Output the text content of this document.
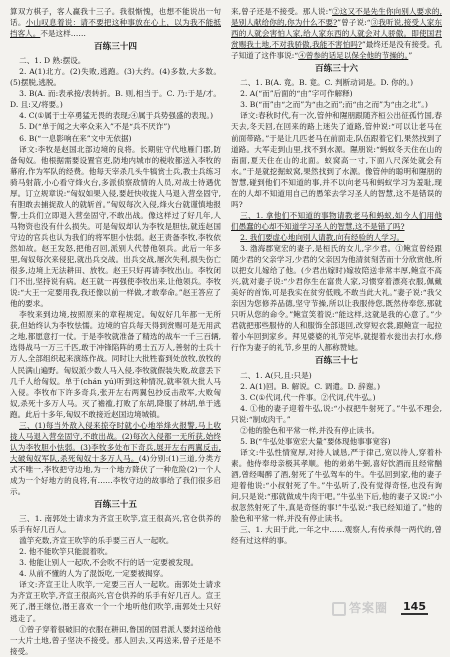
算双方棋子，客人赢我十三子。我很惭愧，也想不能说出一句话。小山叹息着说：请不要把这种事放在心上，以为我不能抵挡客人。不是这样……

百练三十四

二、1. D 熟:摆设。

2. A(1)北方。(2)失败,逃跑。(3)大约。(4)多数,大多数。(5)摆脱,逃脱。

3. B(A. 而:表承接/表转折。B. 则,相当于。C. 乃:于是/才。D. 且:又/将要。)

4. C(①属于士卒勇猛无畏的表现;④属于兵势强盛的表现。)

5. D(“单于闻之大率众来入”不是“兵不厌诈”)

6. B(“一息影响在来”文中无依据)

译文:李牧是赵国北部边境的良将。长期驻守代地雁门郡,防备匈奴。他根据需要设置官吏,防地内城市的税收都送入李牧的幕府,作为军队的经费。他每天宰杀几头牛犒赏士兵,教士兵练习骑马射箭,小心看守烽火台,多派侦察敌情的人员,对战士待遇优厚。订立规章说:“匈奴如果入侵,要赶快收拢人马退入营垒固守,有胆敢去捕捉敌人的就斩首。”匈奴每次入侵,烽火台就谨慎地报警,士兵们立即退入营垒固守,不敢出战。像这样过了好几年,人马物资也没有什么损失。可是匈奴却认为李牧是胆怯,就连赵国守边的官兵也认为我们的将军胆小怯弱。赵王责备李牧,李牧依然如故。赵王发怒,把他召回,派别人代替他领兵。此后一年多里,匈奴每次来侵犯,就出兵交战。出兵交战,屡次失利,损失伤亡很多,边境上无法耕田、放牧。赵王只好再请李牧出山。李牧闭门不出,坚持说有病。赵王就一再强使李牧出来,让他领兵。李牧说:“大王一定要用我,我还像以前一样做,才敢奉命。”赵王答应了他的要求。

李牧来到边境,按照原来的章程规定。匈奴好几年都一无所获,但始终认为李牧怯懦。边境的官兵每天得到赏赐可是无用武之地,都愿意打一仗。于是李牧就准备了精选的战车一千三百辆,选得战马一万三千匹,敢于冲锋陷阵的勇士五万人,善射的士兵十万人,全部组织起来演练作战。同时让大批牲畜到处放牧,放牧的人民满山遍野。匈奴派少数人马入侵,李牧就假装失败,故意丢下几千人给匈奴。单于(chán yú)听到这种情况,就率领大批人马入侵。李牧布下许多奇兵,张开左右两翼包抄反击敌军,大败匈奴,杀死十多万人马。灭了襜褴,打败了东胡,降服了林胡,单于逃跑。此后十多年,匈奴不敢接近赵国边境城镇。

三、(1)每当外敌入侵来掠夺时就小心地举烽火报警,马上收拢人马退入营垒固守,不敢出战。(2)每次入侵都一无所获,始终认为李牧胆小怯弱。(3)李牧多处布下奇兵,展开左右两翼反击,大破匈奴军队,杀死匈奴十多万人马。(4)分别:(1)三道,分类方式不唯一,李牧把守边地,为一个地方降伏了一种危险(2)一个人成为一个好地方的良将,有……李牧守边的故事给了我们很多启示。

百练三十五

三、1. 南郭处士请求为齐宣王吹竽,宣王很高兴,官仓供养的乐手有好几百人。

滥竽充数,齐宣王吹竽的乐手要三百人一起吹。

2. 他不能吹竽只能混着吹。

3. 他能让别人一起吹,不会吹不行的话一定要被发现。

4. 从前不懂的人为了混饭吃,一定要被揭穿。

译文:齐宣王让人吹竽,一定要三百人一起吹。南郭处士请求为齐宣王吹竽,齐宣王很高兴,官仓供养的乐手有好几百人。宣王死了,湣王继位,湣王喜欢一个一个地听他们吹竽,南郭处士只好逃走了。

①曾子穿着很破旧的衣服在耕田,鲁国的国君派人要封送给他一大片土地,曾子坚决不接受。那人回去,又再送来,曾子还是不接受。

来,曾子还是不接受。那人说:“②这又不是先生你向别人要求的,是别人献给你的,你为什么不要?”曾子说:“③我听说,接受人家东西的人就会害怕人家,给人家东西的人就会对人骄傲。即使国君赏赐我土地,不对我骄傲,我能不害怕吗?”最终还是没有接受。孔子知道了这件事说:“④曾参的话足以保全他的节操的。”

百练三十六

二、1. B(A. 竟。B. 竟。C. 判断动词是。D. 你的。)

2. A(“而”后面的“由”字可作解释)

3. B(“而”由“之而”为“由之而”;而“由之而”为“由之北”。)

译文:春秋时代,有一次,管仲和隰朋跟随齐桓公出征孤竹国,春天去,冬天回,在回来的路上迷失了道路,管仲说:“可以让老马在前面带路。”于是让几匹老马在前面走,队伍跟着它们,果然找到了道路。大军走到山里,找不到水源。隰朋说:“蚂蚁冬天住在山的南面,夏天住在山的北面。蚁窝高一寸,下面八尺深处就会有水。”于是就挖掘蚁窝,果然找到了水源。像管仲的聪明和隰朋的智慧,碰到他们不知道的事,并不以向老马和蚂蚁学习为羞耻,现在的人却不知道用自己的愚笨去学习圣人的智慧,这不是错误的吗?

三、1. 拿他们不知道的事物请教老马和蚂蚁,如今人们用他们愚蠢的心却不知道学习圣人的智慧,这不是错了吗?

2. 我们要虚心地向别人请教,向有经验的人学习。

3. 渤海郡宽宏的妻子,是桓氏的女儿,字少君。①鲍宣曾经跟随少君的父亲学习,少君的父亲因为他清贫刻苦而十分欣赏他,所以把女儿嫁给了他。(少君出嫁时)嫁妆陪送非常丰厚,鲍宣不高兴,就对妻子说:“少君你生在富贵人家,习惯穿着漂亮衣服,佩戴美好的首饰,可是我实在贫穷低贱,不敢当此大礼。”妻子说:“我父亲因为您修养品德,坚守节操,所以让我服侍您,既然侍奉您,那就只听从您的命令。”鲍宣笑着说:“能这样,这就是我的心意了。”少君就把那些服侍的人和服饰全部退回,改穿短衣裳,跟鲍宣一起拉着小车回到家乡。拜见婆婆的礼节完毕,就提着水瓮出去打水,修行作为妻子的礼节,乡里的人都称赞她。

百练三十七

二、1. A(只,且:只是)

2. A(1)回。B. 解说。C. 调遣。D. 辞谢。)

3. C(①代词,代一件事。②代词,代牛弘。)

4. ①他的妻子迎着牛弘,说:“小叔把牛射死了。”牛弘不理会,只说:“制成肉干。”

②他的脸色和平常一样,并没有停止读书。

5. B(“牛弘处事宽宏大量”要体现他事事宽容)

译文:牛弘性情宽厚,对待人诚恳,严于律己,宽以待人,穿着朴素。他侍奉母亲极其孝顺。他的弟弟牛弼,喜好饮酒而且经常酗酒,曾经喝醉了酒,射死了牛弘驾车的牛。牛弘回到家,他的妻子迎着他说:“小叔射死了牛。”牛弘听了,没有觉得奇怪,也没有询问,只是说:“那就做成牛肉干吧。”牛弘坐下后,他的妻子又说:“小叔忽然射死了牛,真是奇怪的事!”牛弘说:“我已经知道了。”他的脸色和平常一样,并没有停止读书。

三、1. 大田于此,一年之中……观察人,有传承得一两代的,曾经有过这样的事。

答案圈	145
